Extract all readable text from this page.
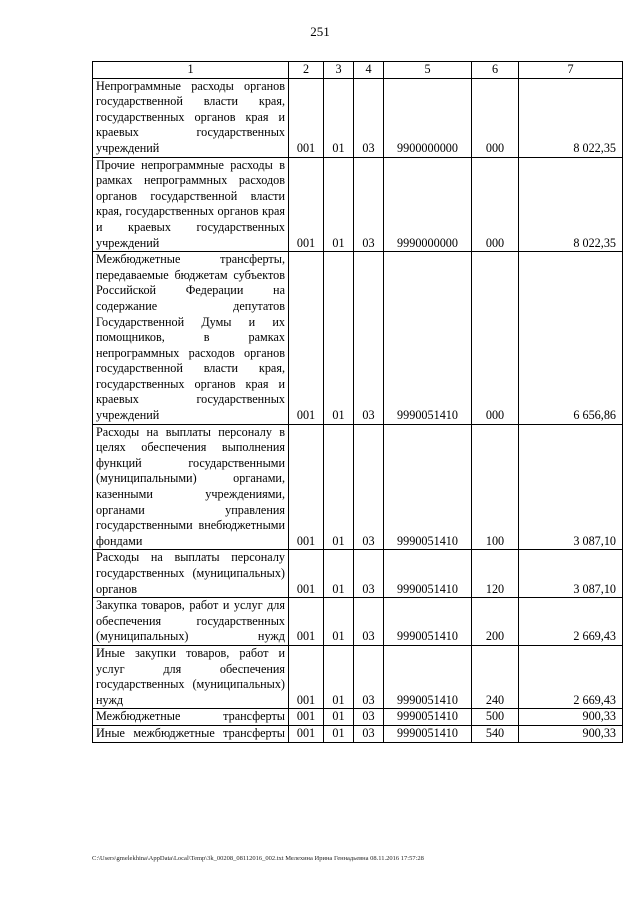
251
1	2	3	4	5	6	7
Непрограммные расходы органов государственной власти края, государственных органов края и краевых государственных учреждений	001	01	03	9900000000	000	8 022,35
Прочие непрограммные расходы в рамках непрограммных расходов органов государственной власти края, государственных органов края и краевых государственных учреждений	001	01	03	9990000000	000	8 022,35
Межбюджетные трансферты, передаваемые бюджетам субъектов Российской Федерации на содержание депутатов Государственной Думы и их помощников, в рамках непрограммных расходов органов государственной власти края, государственных органов края и краевых государственных учреждений	001	01	03	9990051410	000	6 656,86
Расходы на выплаты персоналу в целях обеспечения выполнения функций государственными (муниципальными) органами, казенными учреждениями, органами управления государственными внебюджетными фондами	001	01	03	9990051410	100	3 087,10
Расходы на выплаты персоналу государственных (муниципальных) органов	001	01	03	9990051410	120	3 087,10
Закупка товаров, работ и услуг для обеспечения государственных (муниципальных) нужд	001	01	03	9990051410	200	2 669,43
Иные закупки товаров, работ и услуг для обеспечения государственных (муниципальных) нужд	001	01	03	9990051410	240	2 669,43
Межбюджетные трансферты	001	01	03	9990051410	500	900,33
Иные межбюджетные трансферты	001	01	03	9990051410	540	900,33
C:\Users\gmelekhina\AppData\Local\Temp\3k_00208_08112016_002.txt Мелехина Ирина Геннадьевна 08.11.2016 17:57:28
